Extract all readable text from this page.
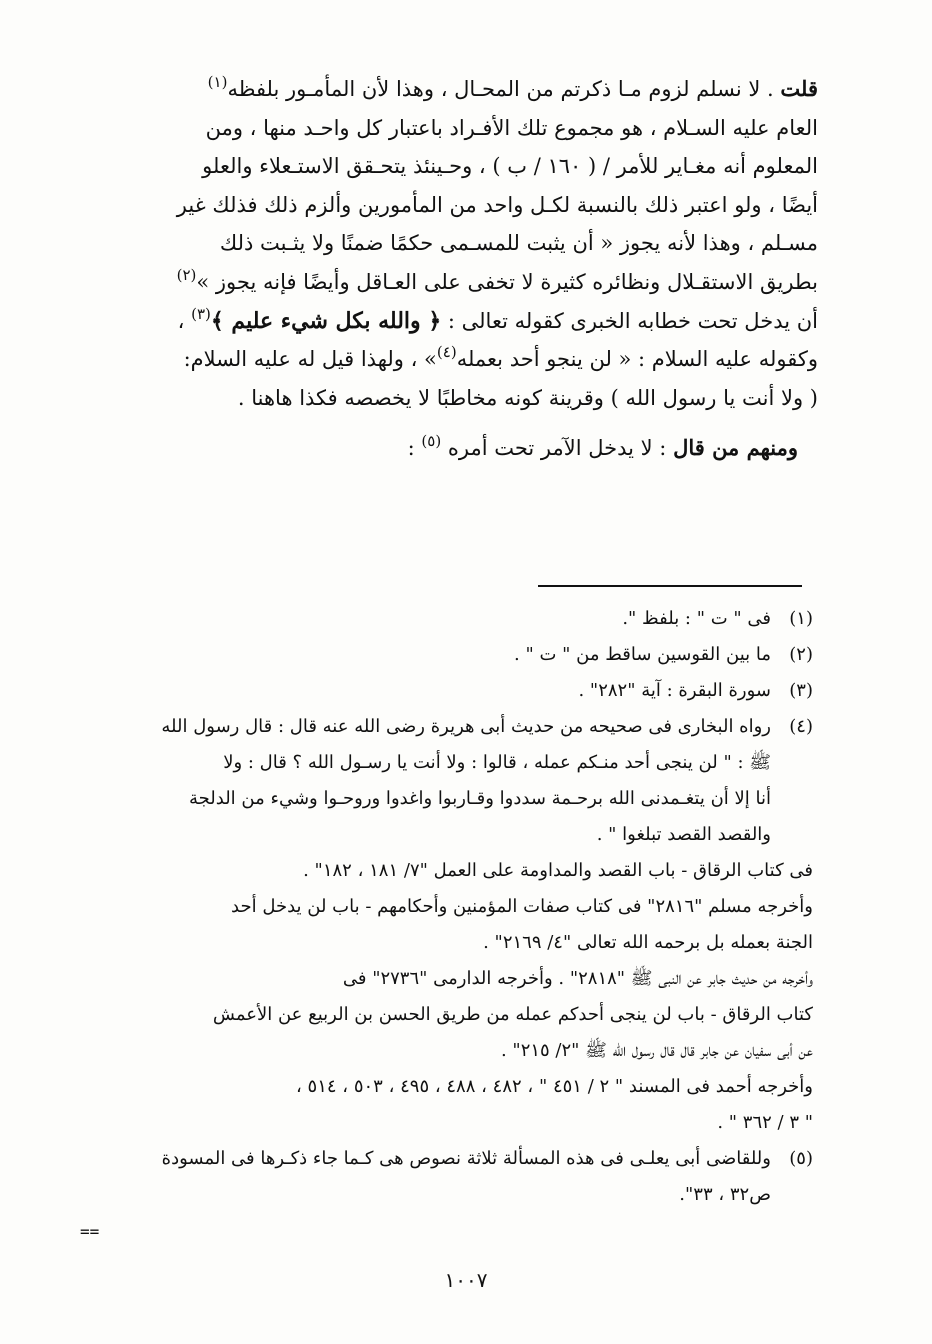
قلت . لا نسلم لزوم مـا ذكرتم من المحـال ، وهذا لأن المأمـور بلفظه$^{(١)}$

العام عليه السـلام ، هو مجموع تلك الأفـراد باعتبار كل واحـد منها ، ومن

المعلوم أنه مغـاير للأمر / ( ١٦٠ / ب ) ، وحـينئذ يتحـقق الاستـعلاء والعلو

أيضًا ، ولو اعتبر ذلك بالنسبة لكـل واحد من المأمورين وألزم ذلك فذلك غير

مسـلم ، وهذا لأنه يجوز « أن يثبت للمسـمى حكمًا ضمنًا ولا يثـبت ذلك

بطريق الاستقـلال ونظائره كثيرة لا تخفى على العـاقل وأيضًا فإنه يجوز »$^{(٢)}$

أن يدخل تحت خطابه الخبرى كقوله تعالى : ﴿ والله بكل شيء عليم ﴾$^{(٣)}$ ،

وكقوله عليه السلام : « لن ينجو أحد بعمله$^{(٤)}$» ، ولهذا قيل له عليه السلام:

( ولا أنت يا رسول الله ) وقرينة كونه مخاطبًا لا يخصصه فكذا هاهنا .

ومنهم من قال : لا يدخل الآمر تحت أمره $^{(٥)}$ :

(١)

فى " ت " : بلفظ ".

(٢)

ما بين القوسين ساقط من " ت " .

(٣)

سورة البقرة : آية "٢٨٢" .

(٤)

رواه البخارى فى صحيحه من حديث أبى هريرة رضى الله عنه قال : قال رسول الله

ﷺ : " لن ينجى أحد منـكم عمله ، قالوا : ولا أنت يا رسـول الله ؟ قال : ولا

أنا إلا أن يتغـمدنى الله برحـمة سددوا وقـاربوا واغدوا وروحـوا وشيء من الدلجة

والقصد القصد تبلغوا " .

فى كتاب الرقاق - باب القصد والمداومة على العمل "٧/ ١٨١ ، ١٨٢" .

وأخرجه مسلم "٢٨١٦" فى كتاب صفات المؤمنين وأحكامهم - باب لن يدخل أحد

الجنة بعمله بل برحمه الله تعالى "٤/ ٢١٦٩" .

وأخرجه من حديث جابر عن النبى ﷺ "٢٨١٨" . وأخرجه الدارمى "٢٧٣٦" فى

كتاب الرقاق - باب لن ينجى أحدكم عمله من طريق الحسن بن الربيع عن الأعمش

عن أبى سفيان عن جابر قال قال رسول الله ﷺ "٢/ ٢١٥" .

وأخرجه أحمد فى المسند " ٢ / ٤٥١ " ، ٤٨٢ ، ٤٨٨ ، ٤٩٥ ، ٥٠٣ ، ٥١٤ ،

" ٣ / ٣٦٢ " .

(٥)

وللقاضى أبى يعلـى فى هذه المسألة ثلاثة نصوص هى كـما جاء ذكـرها فى المسودة

ص٣٢ ، ٣٣".

==
١٠٠٧
